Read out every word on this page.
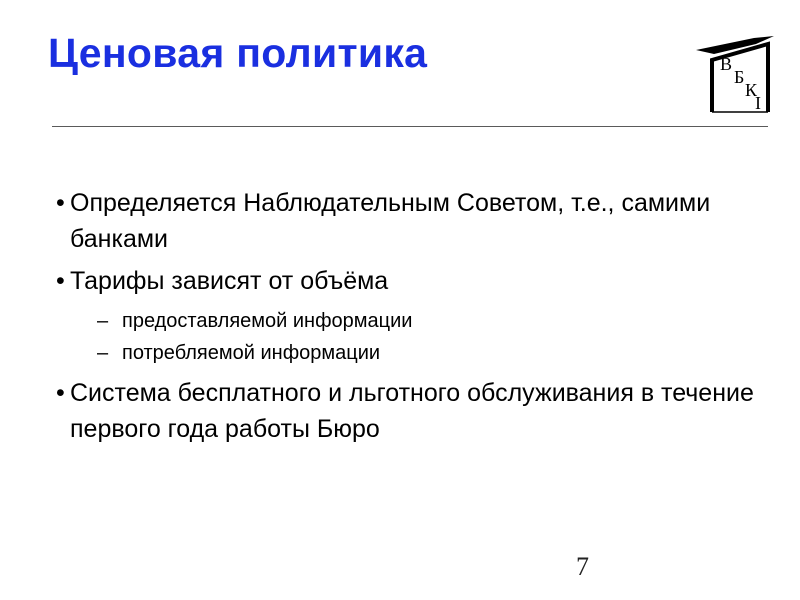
Ценовая политика	В
Б
К
І
• Определяется Наблюдательным Советом, т.е., самими банками
• Тарифы зависят от объёма
– предоставляемой информации
– потребляемой информации
• Система бесплатного и льготного обслуживания в течение первого года работы Бюро
7
